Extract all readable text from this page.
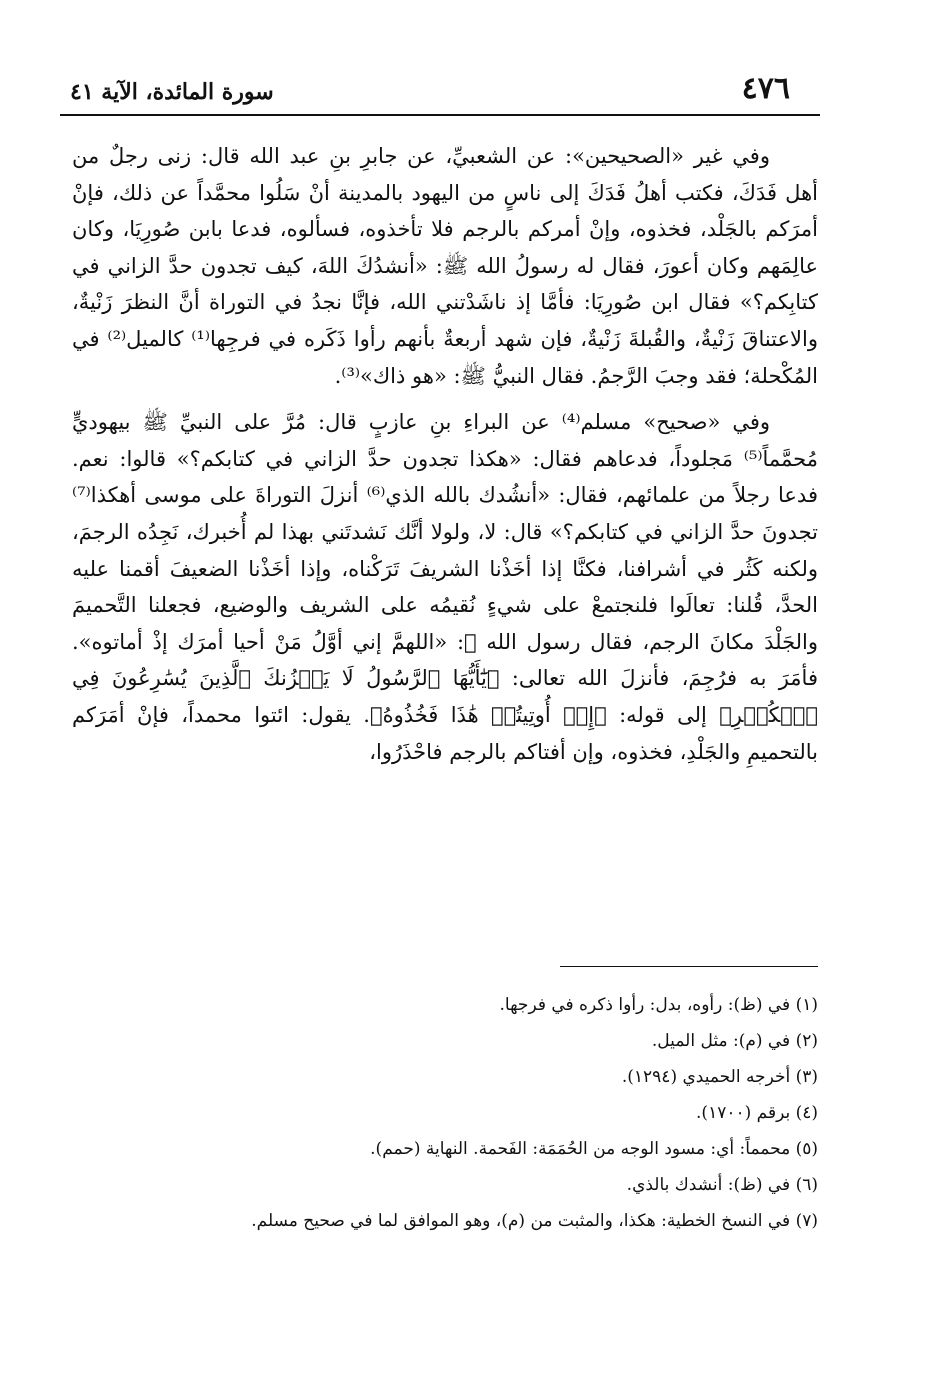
٤٧٦
سورة المائدة، الآية ٤١

وفي غير «الصحيحين»: عن الشعبيِّ، عن جابرِ بنِ عبد الله قال: زنى رجلٌ من أهل فَدَكَ، فكتب أهلُ فَدَكَ إلى ناسٍ من اليهود بالمدينة أنْ سَلُوا محمَّداً عن ذلك، فإنْ أمرَكم بالجَلْد، فخذوه، وإنْ أمركم بالرجم فلا تأخذوه، فسألوه، فدعا بابن صُورِيَا، وكان عالِمَهم وكان أعورَ، فقال له رسولُ الله ﷺ: «أنشدُكَ اللهَ، كيف تجدون حدَّ الزاني في كتابِكم؟» فقال ابن صُورِيَا: فأمَّا إذ ناشَدْتني الله، فإنَّا نجدُ في التوراة أنَّ النظرَ زَنْيةٌ، والاعتناقَ زَنْيةٌ، والقُبلةَ زَنْيةٌ، فإن شهد أربعةٌ بأنهم رأوا ذَكَره في فرجِها⁽¹⁾ كالميل⁽²⁾ في المُكْحلة؛ فقد وجبَ الرَّجمُ. فقال النبيُّ ﷺ: «هو ذاك»⁽³⁾.

وفي «صحيح» مسلم⁽⁴⁾ عن البراءِ بنِ عازبٍ قال: مُرَّ على النبيِّ ﷺ بيهوديٍّ مُحمَّماً⁽⁵⁾ مَجلوداً، فدعاهم فقال: «هكذا تجدون حدَّ الزاني في كتابكم؟» قالوا: نعم. فدعا رجلاً من علمائهم، فقال: «أنشُدك بالله الذي⁽⁶⁾ أنزلَ التوراةَ على موسى أهكذا⁽⁷⁾ تجدونَ حدَّ الزاني في كتابكم؟» قال: لا، ولولا أنَّك نَشدتَني بهذا لم أُخبرك، نَجِدُه الرجمَ، ولكنه كَثُر في أشرافنا، فكنَّا إذا أخَذْنا الشريفَ تَرَكْناه، وإذا أخَذْنا الضعيفَ أقمنا عليه الحدَّ، قُلنا: تعالَوا فلنجتمعْ على شيءٍ نُقيمُه على الشريف والوضيع، فجعلنا التَّحميمَ والجَلْدَ مكانَ الرجم، فقال رسول الله ﷺ: «اللهمَّ إني أوَّلُ مَنْ أحيا أمرَك إذْ أماتوه». فأمَرَ به فرُجِمَ، فأنزلَ الله تعالى: ﴿يَٰٓأَيُّهَا ٱلرَّسُولُ لَا يَحۡزُنكَ ٱلَّذِينَ يُسَٰرِعُونَ فِي ٱلۡكُفۡرِ﴾ إلى قوله: ﴿إِنۡ أُوتِيتُمۡ هَٰذَا فَخُذُوهُ﴾. يقول: ائتوا محمداً، فإنْ أمَرَكم بالتحميمِ والجَلْدِ، فخذوه، وإن أفتاكم بالرجم فاحْذَرُوا،

(١) في (ظ): رأوه، بدل: رأوا ذكره في فرجها.
(٢) في (م): مثل الميل.
(٣) أخرجه الحميدي (١٢٩٤).
(٤) برقم (١٧٠٠).
(٥) محمماً: أي: مسود الوجه من الحُمَمَة: الفَحمة. النهاية (حمم).
(٦) في (ظ): أنشدك بالذي.
(٧) في النسخ الخطية: هكذا، والمثبت من (م)، وهو الموافق لما في صحيح مسلم.
